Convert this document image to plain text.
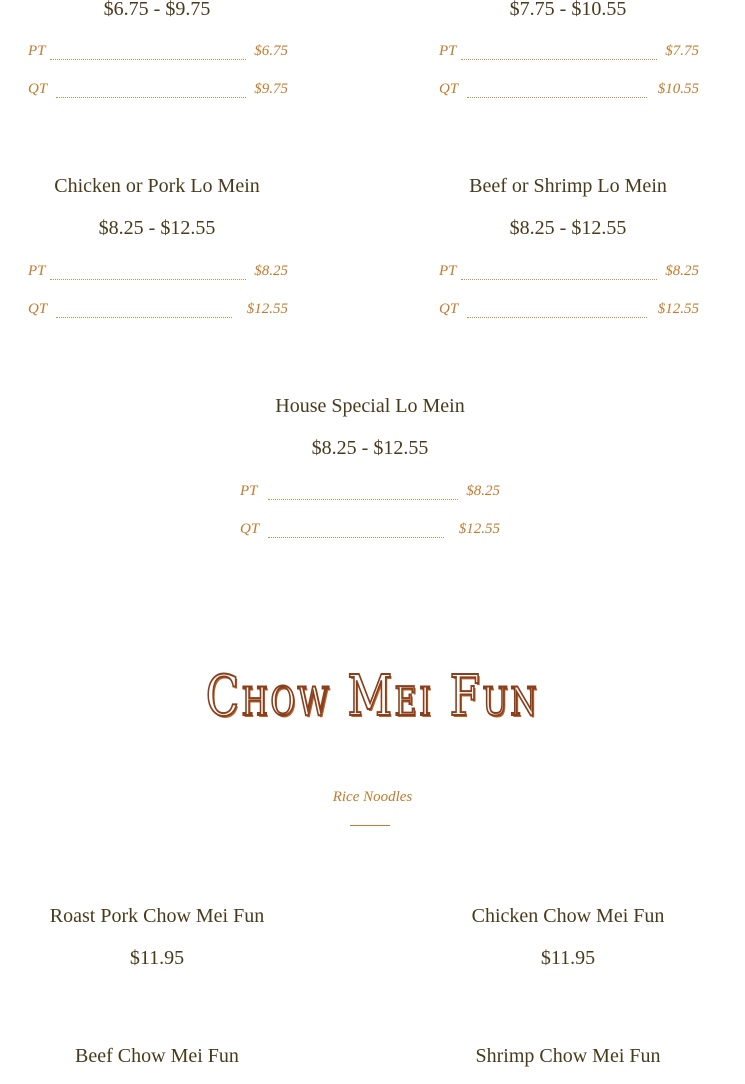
$6.75 - $9.75	$7.75 - $10.55
PT	$6.75
QT	$9.75
PT	$7.75
QT	$10.55
Chicken or Pork Lo Mein
$8.25 - $12.55
PT	$8.25
QT	$12.55
Beef or Shrimp Lo Mein
$8.25 - $12.55
PT	$8.25
QT	$12.55
House Special Lo Mein
$8.25 - $12.55
PT	$8.25
QT	$12.55
Chow Mei Fun
Rice Noodles
Roast Pork Chow Mei Fun
$11.95
Chicken Chow Mei Fun
$11.95
Beef Chow Mei Fun	Shrimp Chow Mei Fun
